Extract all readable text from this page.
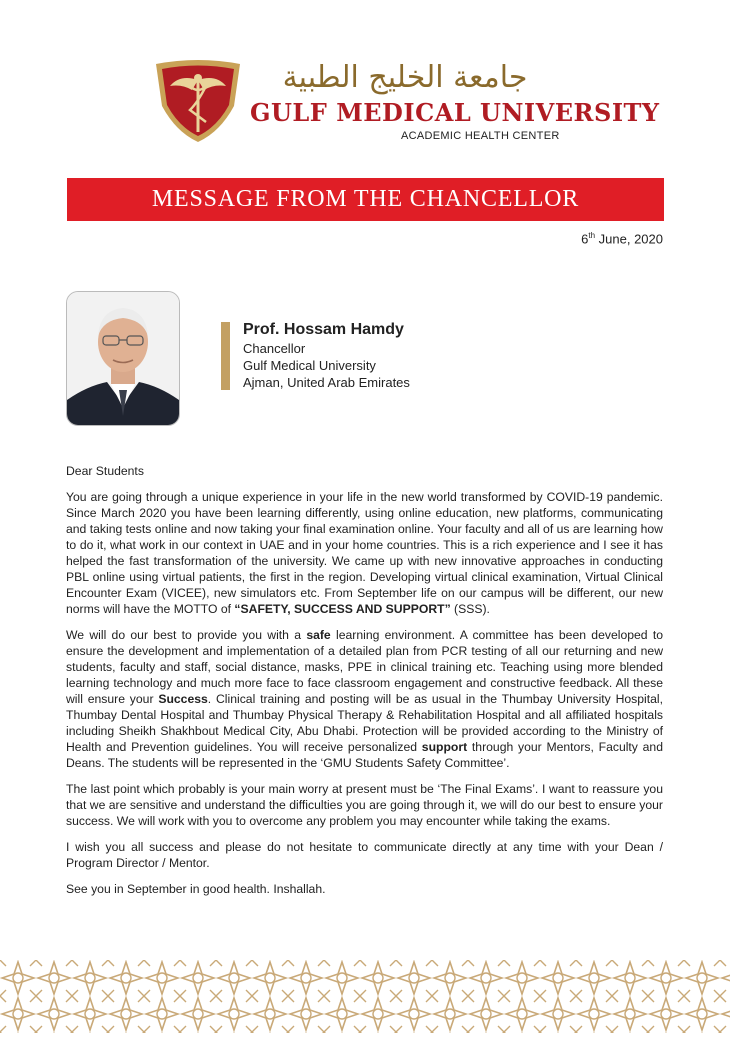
جامعة الخليج الطبية
GULF MEDICAL UNIVERSITY
ACADEMIC HEALTH CENTER
MESSAGE FROM THE CHANCELLOR
6th June, 2020
Prof. Hossam Hamdy
Chancellor
Gulf Medical University
Ajman, United Arab Emirates

Dear Students

You are going through a unique experience in your life in the new world transformed by COVID-19 pandemic. Since March 2020 you have been learning differently, using online education, new platforms, communicating and taking tests online and now taking your final examination online. Your faculty and all of us are learning how to do it, what work in our context in UAE and in your home countries. This is a rich experience and I see it has helped the fast transformation of the university. We came up with new innovative approaches in conducting PBL online using virtual patients, the first in the region. Developing virtual clinical examination, Virtual Clinical Encounter Exam (VICEE), new simulators etc. From September life on our campus will be different, our new norms will have the MOTTO of “SAFETY, SUCCESS AND SUPPORT” (SSS).

We will do our best to provide you with a safe learning environment. A committee has been developed to ensure the development and implementation of a detailed plan from PCR testing of all our returning and new students, faculty and staff, social distance, masks, PPE in clinical training etc. Teaching using more blended learning technology and much more face to face classroom engagement and constructive feedback. All these will ensure your Success. Clinical training and posting will be as usual in the Thumbay University Hospital, Thumbay Dental Hospital and Thumbay Physical Therapy & Rehabilitation Hospital and all affiliated hospitals including Sheikh Shakhbout Medical City, Abu Dhabi. Protection will be provided according to the Ministry of Health and Prevention guidelines. You will receive personalized support through your Mentors, Faculty and Deans. The students will be represented in the ‘GMU Students Safety Committee’.

The last point which probably is your main worry at present must be ‘The Final Exams’. I want to reassure you that we are sensitive and understand the difficulties you are going through it, we will do our best to ensure your success. We will work with you to overcome any problem you may encounter while taking the exams.

I wish you all success and please do not hesitate to communicate directly at any time with your Dean / Program Director / Mentor.

See you in September in good health. Inshallah.
